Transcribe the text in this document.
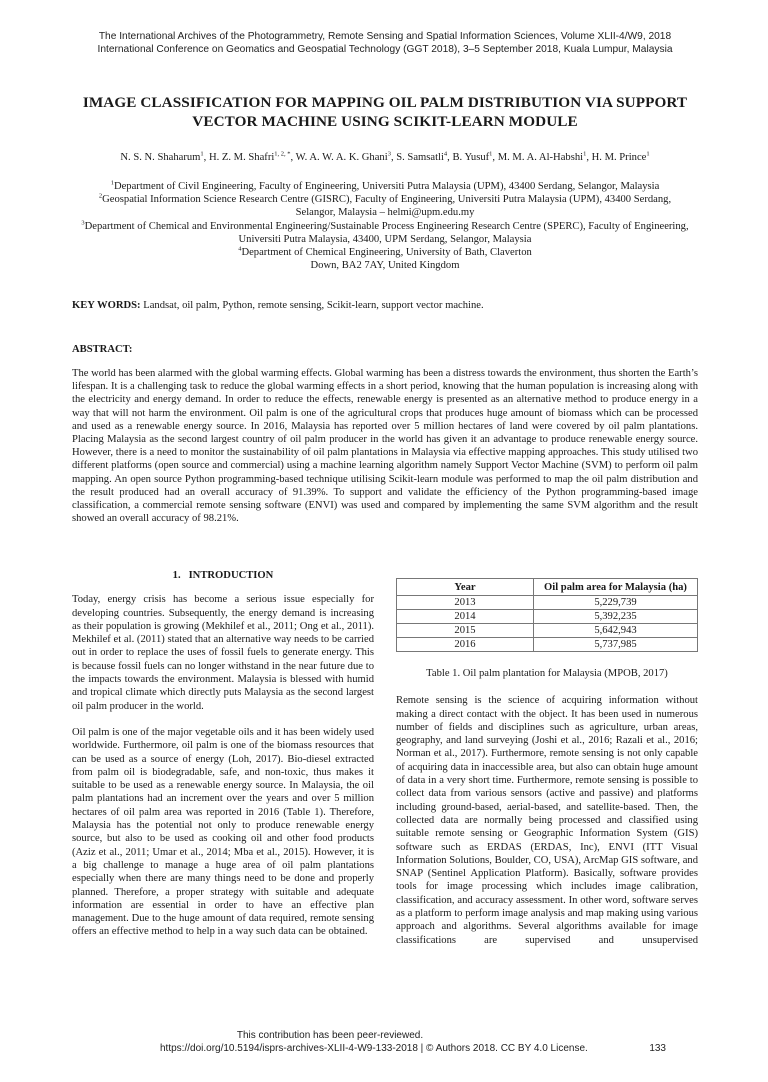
The International Archives of the Photogrammetry, Remote Sensing and Spatial Information Sciences, Volume XLII-4/W9, 2018
International Conference on Geomatics and Geospatial Technology (GGT 2018), 3–5 September 2018, Kuala Lumpur, Malaysia
IMAGE CLASSIFICATION FOR MAPPING OIL PALM DISTRIBUTION VIA SUPPORT
VECTOR MACHINE USING SCIKIT-LEARN MODULE
N. S. N. Shaharum$^1$, H. Z. M. Shafri$^{1, 2, *}$, W. A. W. A. K. Ghani$^3$, S. Samsatli$^4$, B. Yusuf$^1$, M. M. A. Al-Habshi$^1$, H. M. Prince$^1$
$^1$Department of Civil Engineering, Faculty of Engineering, Universiti Putra Malaysia (UPM), 43400 Serdang, Selangor, Malaysia
$^2$Geospatial Information Science Research Centre (GISRC), Faculty of Engineering, Universiti Putra Malaysia (UPM), 43400 Serdang, Selangor, Malaysia – helmi@upm.edu.my
$^3$Department of Chemical and Environmental Engineering/Sustainable Process Engineering Research Centre (SPERC), Faculty of Engineering, Universiti Putra Malaysia, 43400, UPM Serdang, Selangor, Malaysia
$^4$Department of Chemical Engineering, University of Bath, Claverton Down, BA2 7AY, United Kingdom
KEY WORDS: Landsat, oil palm, Python, remote sensing, Scikit-learn, support vector machine.
ABSTRACT:
The world has been alarmed with the global warming effects. Global warming has been a distress towards the environment, thus shorten the Earth’s lifespan. It is a challenging task to reduce the global warming effects in a short period, knowing that the human population is increasing along with the electricity and energy demand. In order to reduce the effects, renewable energy is presented as an alternative method to produce energy in a way that will not harm the environment. Oil palm is one of the agricultural crops that produces huge amount of biomass which can be processed and used as a renewable energy source. In 2016, Malaysia has reported over 5 million hectares of land were covered by oil palm plantations. Placing Malaysia as the second largest country of oil palm producer in the world has given it an advantage to produce renewable energy source. However, there is a need to monitor the sustainability of oil palm plantations in Malaysia via effective mapping approaches. This study utilised two different platforms (open source and commercial) using a machine learning algorithm namely Support Vector Machine (SVM) to perform oil palm mapping. An open source Python programming-based technique utilising Scikit-learn module was performed to map the oil palm distribution and the result produced had an overall accuracy of 91.39%. To support and validate the efficiency of the Python programming-based image classification, a commercial remote sensing software (ENVI) was used and compared by implementing the same SVM algorithm and the result showed an overall accuracy of 98.21%.
1.   INTRODUCTION

Today, energy crisis has become a serious issue especially for developing countries. Subsequently, the energy demand is increasing as their population is growing (Mekhilef et al., 2011; Ong et al., 2011). Mekhilef et al. (2011) stated that an alternative way needs to be carried out in order to replace the uses of fossil fuels to generate energy. This is because fossil fuels can no longer withstand in the near future due to the impacts towards the environment. Malaysia is blessed with humid and tropical climate which directly puts Malaysia as the second largest oil palm producer in the world.

Oil palm is one of the major vegetable oils and it has been widely used worldwide. Furthermore, oil palm is one of the biomass resources that can be used as a source of energy (Loh, 2017). Bio-diesel extracted from palm oil is biodegradable, safe, and non-toxic, thus makes it suitable to be used as a renewable energy source. In Malaysia, the oil palm plantations had an increment over the years and over 5 million hectares of oil palm area was reported in 2016 (Table 1). Therefore, Malaysia has the potential not only to produce renewable energy source, but also to be used as cooking oil and other food products (Aziz et al., 2011; Umar et al., 2014; Mba et al., 2015). However, it is a big challenge to manage a huge area of oil palm plantations especially when there are many things need to be done and properly planned. Therefore, a proper strategy with suitable and adequate information are essential in order to have an effective plan management. Due to the huge amount of data required, remote sensing offers an effective method to help in a way such data can be obtained.

Year	Oil palm area for Malaysia (ha)
2013	5,229,739
2014	5,392,235
2015	5,642,943
2016	5,737,985
Table 1. Oil palm plantation for Malaysia (MPOB, 2017)

Remote sensing is the science of acquiring information without making a direct contact with the object. It has been used in numerous number of fields and disciplines such as agriculture, urban areas, geography, and land surveying (Joshi et al., 2016; Razali et al., 2016; Norman et al., 2017). Furthermore, remote sensing is not only capable of acquiring data in inaccessible area, but also can obtain huge amount of data in a very short time. Furthermore, remote sensing is possible to collect data from various sensors (active and passive) and platforms including ground-based, aerial-based, and satellite-based. Then, the collected data are normally being processed and classified using suitable remote sensing or Geographic Information System (GIS) software such as ERDAS (ERDAS, Inc), ENVI (ITT Visual Information Solutions, Boulder, CO, USA), ArcMap GIS software, and SNAP (Sentinel Application Platform). Basically, software provides tools for image processing which includes image calibration, classification, and accuracy assessment. In other word, software serves as a platform to perform image analysis and map making using various approach and algorithms. Several algorithms available for image classifications are supervised and unsupervised

This contribution has been peer-reviewed.
https://doi.org/10.5194/isprs-archives-XLII-4-W9-133-2018 | © Authors 2018. CC BY 4.0 License.	133
